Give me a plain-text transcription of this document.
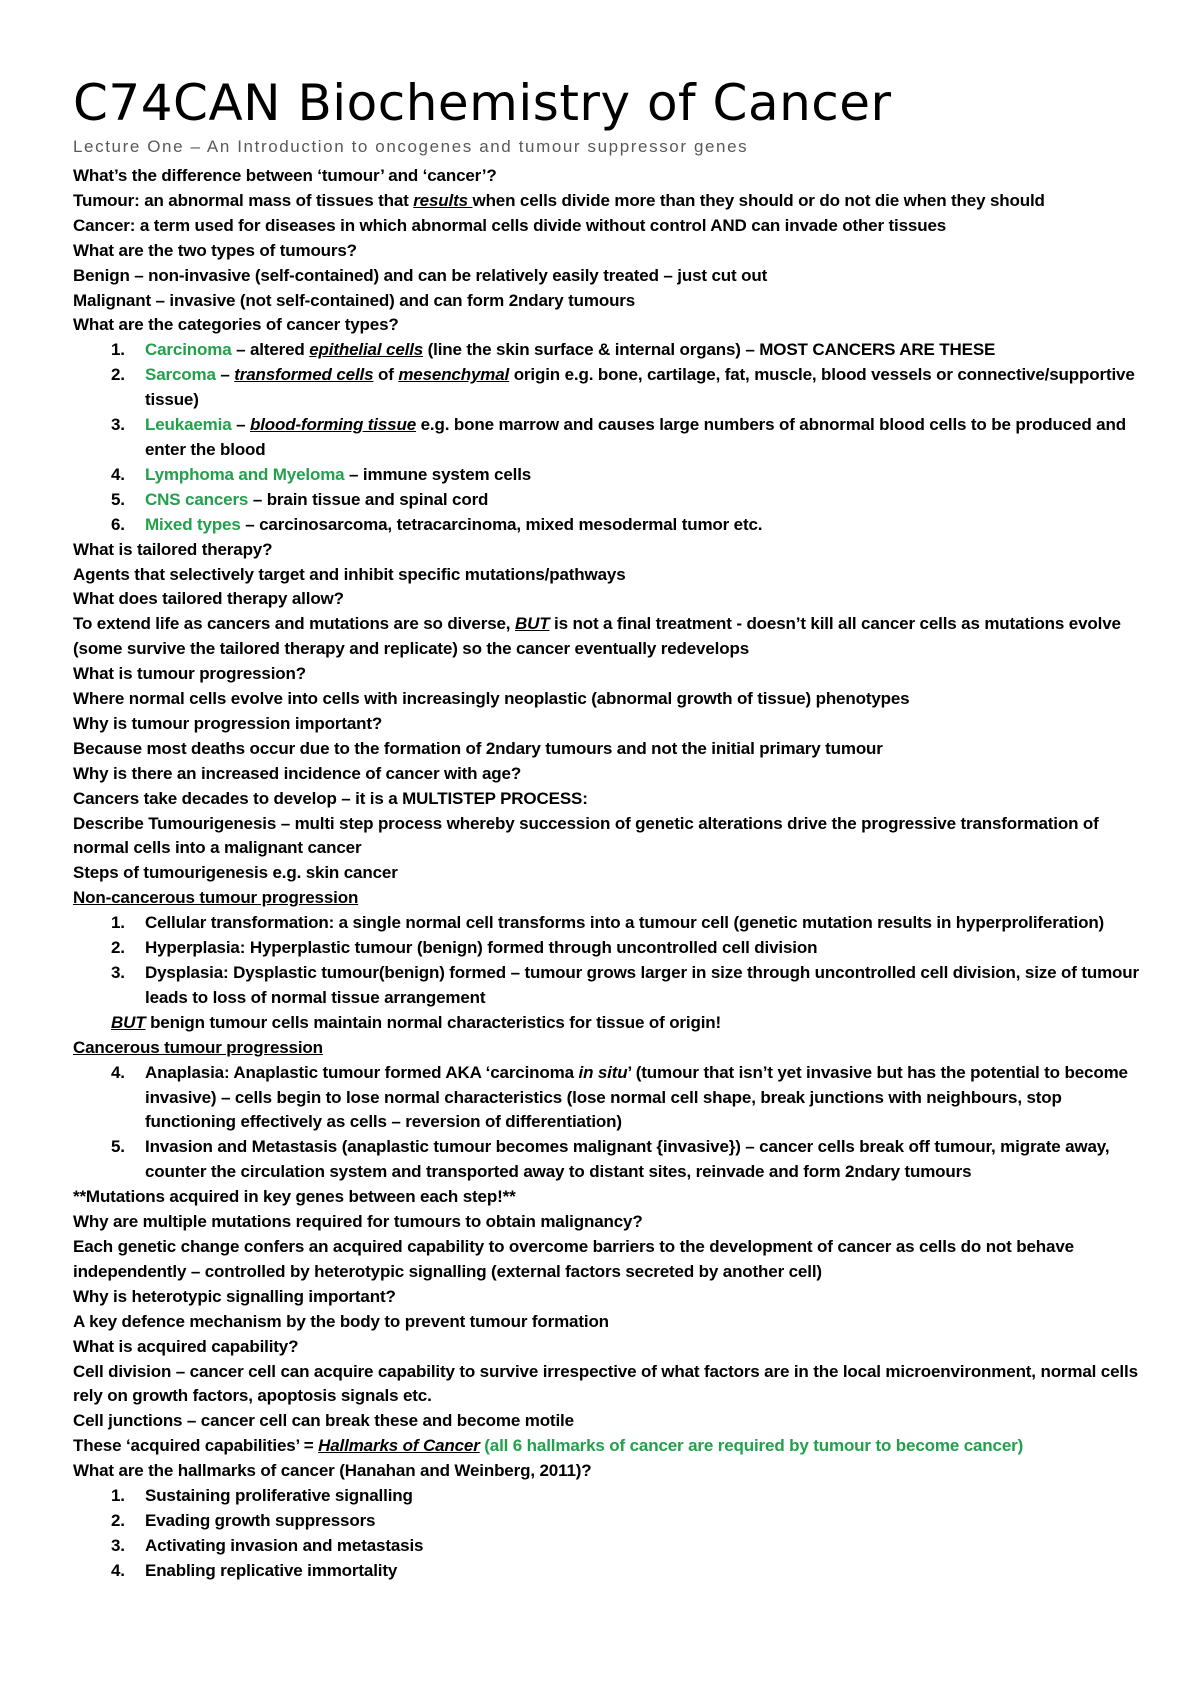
C74CAN Biochemistry of Cancer
Lecture One – An Introduction to oncogenes and tumour suppressor genes
What’s the difference between ‘tumour’ and ‘cancer’?
Tumour: an abnormal mass of tissues that results when cells divide more than they should or do not die when they should
Cancer: a term used for diseases in which abnormal cells divide without control AND can invade other tissues
What are the two types of tumours?
Benign – non-invasive (self-contained) and can be relatively easily treated – just cut out
Malignant – invasive (not self-contained) and can form 2ndary tumours
What are the categories of cancer types?
1. Carcinoma – altered epithelial cells (line the skin surface & internal organs) – MOST CANCERS ARE THESE
2. Sarcoma – transformed cells of mesenchymal origin e.g. bone, cartilage, fat, muscle, blood vessels or connective/supportive tissue)
3. Leukaemia – blood-forming tissue e.g. bone marrow and causes large numbers of abnormal blood cells to be produced and enter the blood
4. Lymphoma and Myeloma – immune system cells
5. CNS cancers – brain tissue and spinal cord
6. Mixed types – carcinosarcoma, tetracarcinoma, mixed mesodermal tumor etc.
What is tailored therapy?
Agents that selectively target and inhibit specific mutations/pathways
What does tailored therapy allow?
To extend life as cancers and mutations are so diverse, BUT is not a final treatment - doesn’t kill all cancer cells as mutations evolve (some survive the tailored therapy and replicate) so the cancer eventually redevelops
What is tumour progression?
Where normal cells evolve into cells with increasingly neoplastic (abnormal growth of tissue) phenotypes
Why is tumour progression important?
Because most deaths occur due to the formation of 2ndary tumours and not the initial primary tumour
Why is there an increased incidence of cancer with age?
Cancers take decades to develop – it is a MULTISTEP PROCESS:
Describe Tumourigenesis – multi step process whereby succession of genetic alterations drive the progressive transformation of normal cells into a malignant cancer
Steps of tumourigenesis e.g. skin cancer
Non-cancerous tumour progression
1. Cellular transformation: a single normal cell transforms into a tumour cell (genetic mutation results in hyperproliferation)
2. Hyperplasia: Hyperplastic tumour (benign) formed through uncontrolled cell division
3. Dysplasia: Dysplastic tumour(benign) formed – tumour grows larger in size through uncontrolled cell division, size of tumour leads to loss of normal tissue arrangement
BUT benign tumour cells maintain normal characteristics for tissue of origin!
Cancerous tumour progression
4. Anaplasia: Anaplastic tumour formed AKA ‘carcinoma in situ’ (tumour that isn’t yet invasive but has the potential to become invasive) – cells begin to lose normal characteristics (lose normal cell shape, break junctions with neighbours, stop functioning effectively as cells – reversion of differentiation)
5. Invasion and Metastasis (anaplastic tumour becomes malignant {invasive}) – cancer cells break off tumour, migrate away, counter the circulation system and transported away to distant sites, reinvade and form 2ndary tumours
**Mutations acquired in key genes between each step!**
Why are multiple mutations required for tumours to obtain malignancy?
Each genetic change confers an acquired capability to overcome barriers to the development of cancer as cells do not behave independently – controlled by heterotypic signalling (external factors secreted by another cell)
Why is heterotypic signalling important?
A key defence mechanism by the body to prevent tumour formation
What is acquired capability?
Cell division – cancer cell can acquire capability to survive irrespective of what factors are in the local microenvironment, normal cells rely on growth factors, apoptosis signals etc.
Cell junctions – cancer cell can break these and become motile
These ‘acquired capabilities’ = Hallmarks of Cancer (all 6 hallmarks of cancer are required by tumour to become cancer)
What are the hallmarks of cancer (Hanahan and Weinberg, 2011)?
1. Sustaining proliferative signalling
2. Evading growth suppressors
3. Activating invasion and metastasis
4. Enabling replicative immortality
